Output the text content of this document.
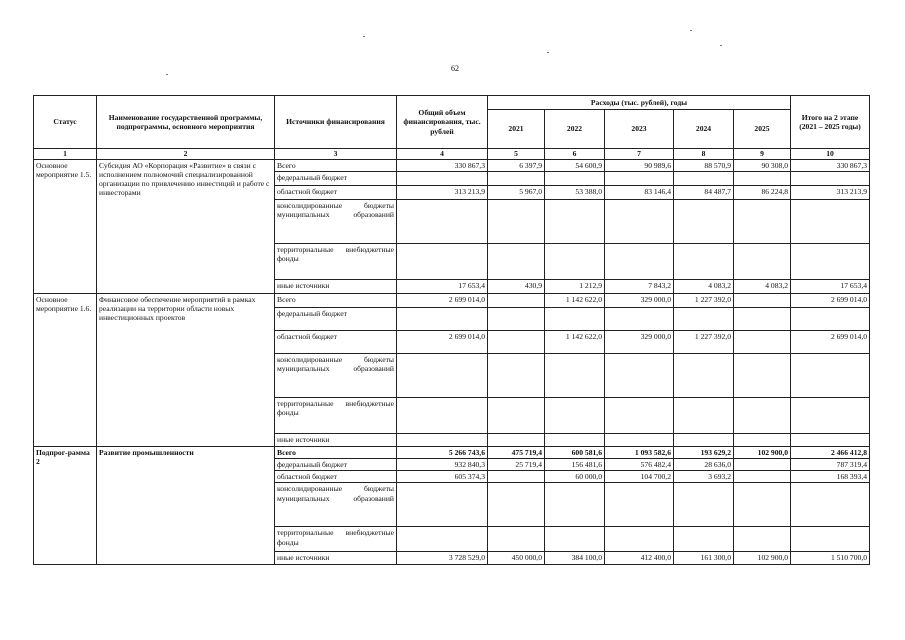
62
Статус	Наименование государственной программы, подпрограммы, основного мероприятия	Источники финансирования	Общий объем финансирования, тыс. рублей	Расходы (тыс. рублей), годы					Итого на 2 этапе (2021 – 2025 годы)
				2021	2022	2023	2024	2025	
1	2	3	4	5	6	7	8	9	10
Основное мероприятие 1.5.	Субсидия АО «Корпорация «Развитие» в связи с исполнением полномочий специализированной организации по привлечению инвестиций и работе с инвесторами	Всего	330 867,3	6 397,9	54 600,9	90 989,6	88 570,9	90 308,0	330 867,3
		федеральный бюджет							
		областной бюджет	313 213,9	5 967,0	53 388,0	83 146,4	84 487,7	86 224,8	313 213,9
		консолидированные бюджеты муниципальных образований							
		территориальные внебюджетные фонды							
		иные источники	17 653,4	430,9	1 212,9	7 843,2	4 083,2	4 083,2	17 653,4
Основное мероприятие 1.6.	Финансовое обеспечение мероприятий в рамках реализации на территории области новых инвестиционных проектов	Всего	2 699 014,0		1 142 622,0	329 000,0	1 227 392,0		2 699 014,0
		федеральный бюджет							
		областной бюджет	2 699 014,0		1 142 622,0	329 000,0	1 227 392,0		2 699 014,0
		консолидированные бюджеты муниципальных образований							
		территориальные внебюджетные фонды							
		иные источники							
Подпрог-рамма 2	Развитие промышленности	Всего	5 266 743,6	475 719,4	600 581,6	1 093 582,6	193 629,2	102 900,0	2 466 412,8
		федеральный бюджет	932 840,3	25 719,4	156 481,6	576 482,4	28 636,0		787 319,4
		областной бюджет	605 374,3		60 000,0	104 700,2	3 693,2		168 393,4
		консолидированные бюджеты муниципальных образований							
		территориальные внебюджетные фонды							
		иные источники	3 728 529,0	450 000,0	384 100,0	412 400,0	161 300,0	102 900,0	1 510 700,0
